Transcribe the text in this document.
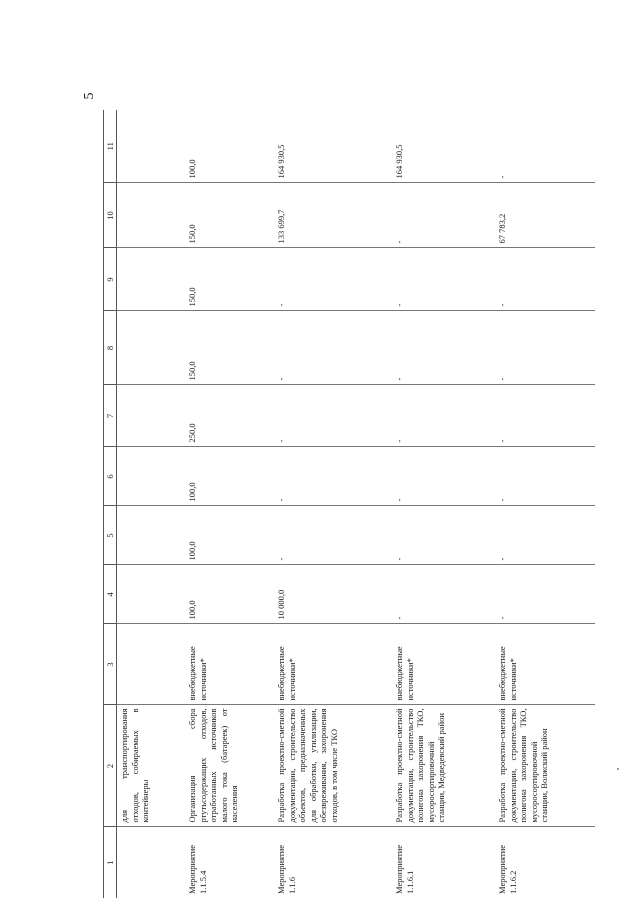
5
1	2	3	4	5	6	7	8	9	10	11
	для транспортирования отходов, собираемых в контейнеры									
Мероприятие 1.1.5.4	Организация сбора ртутьсодержащих отходов, отработанных источников малого тока (батареек) от населения	внебюджетные источники*	100,0	100,0	100,0	250,0	150,0	150,0	150,0	100,0
Мероприятие 1.1.6	Разработка проектно-сметной документации, строительство объектов, предназначенных для обработки, утилизации, обезвреживания, захоронения отходов, в том числе ТКО	внебюджетные источники*	10 000,0	-	-	-	-	-	133 699,7	164 930,5
Мероприятие 1.1.6.1	Разработка проектно-сметной документации, строительство полигона захоронения ТКО, мусоросортировочной станции, Медведевский район	внебюджетные источники*	-	-	-	-	-	-	-	164 930,5
Мероприятие 1.1.6.2	Разработка проектно-сметной документации, строительство полигона захоронения ТКО, мусоросортировочной станции, Волжский район	внебюджетные источники*	-	-	-	-	-	-	67 783,2	-
